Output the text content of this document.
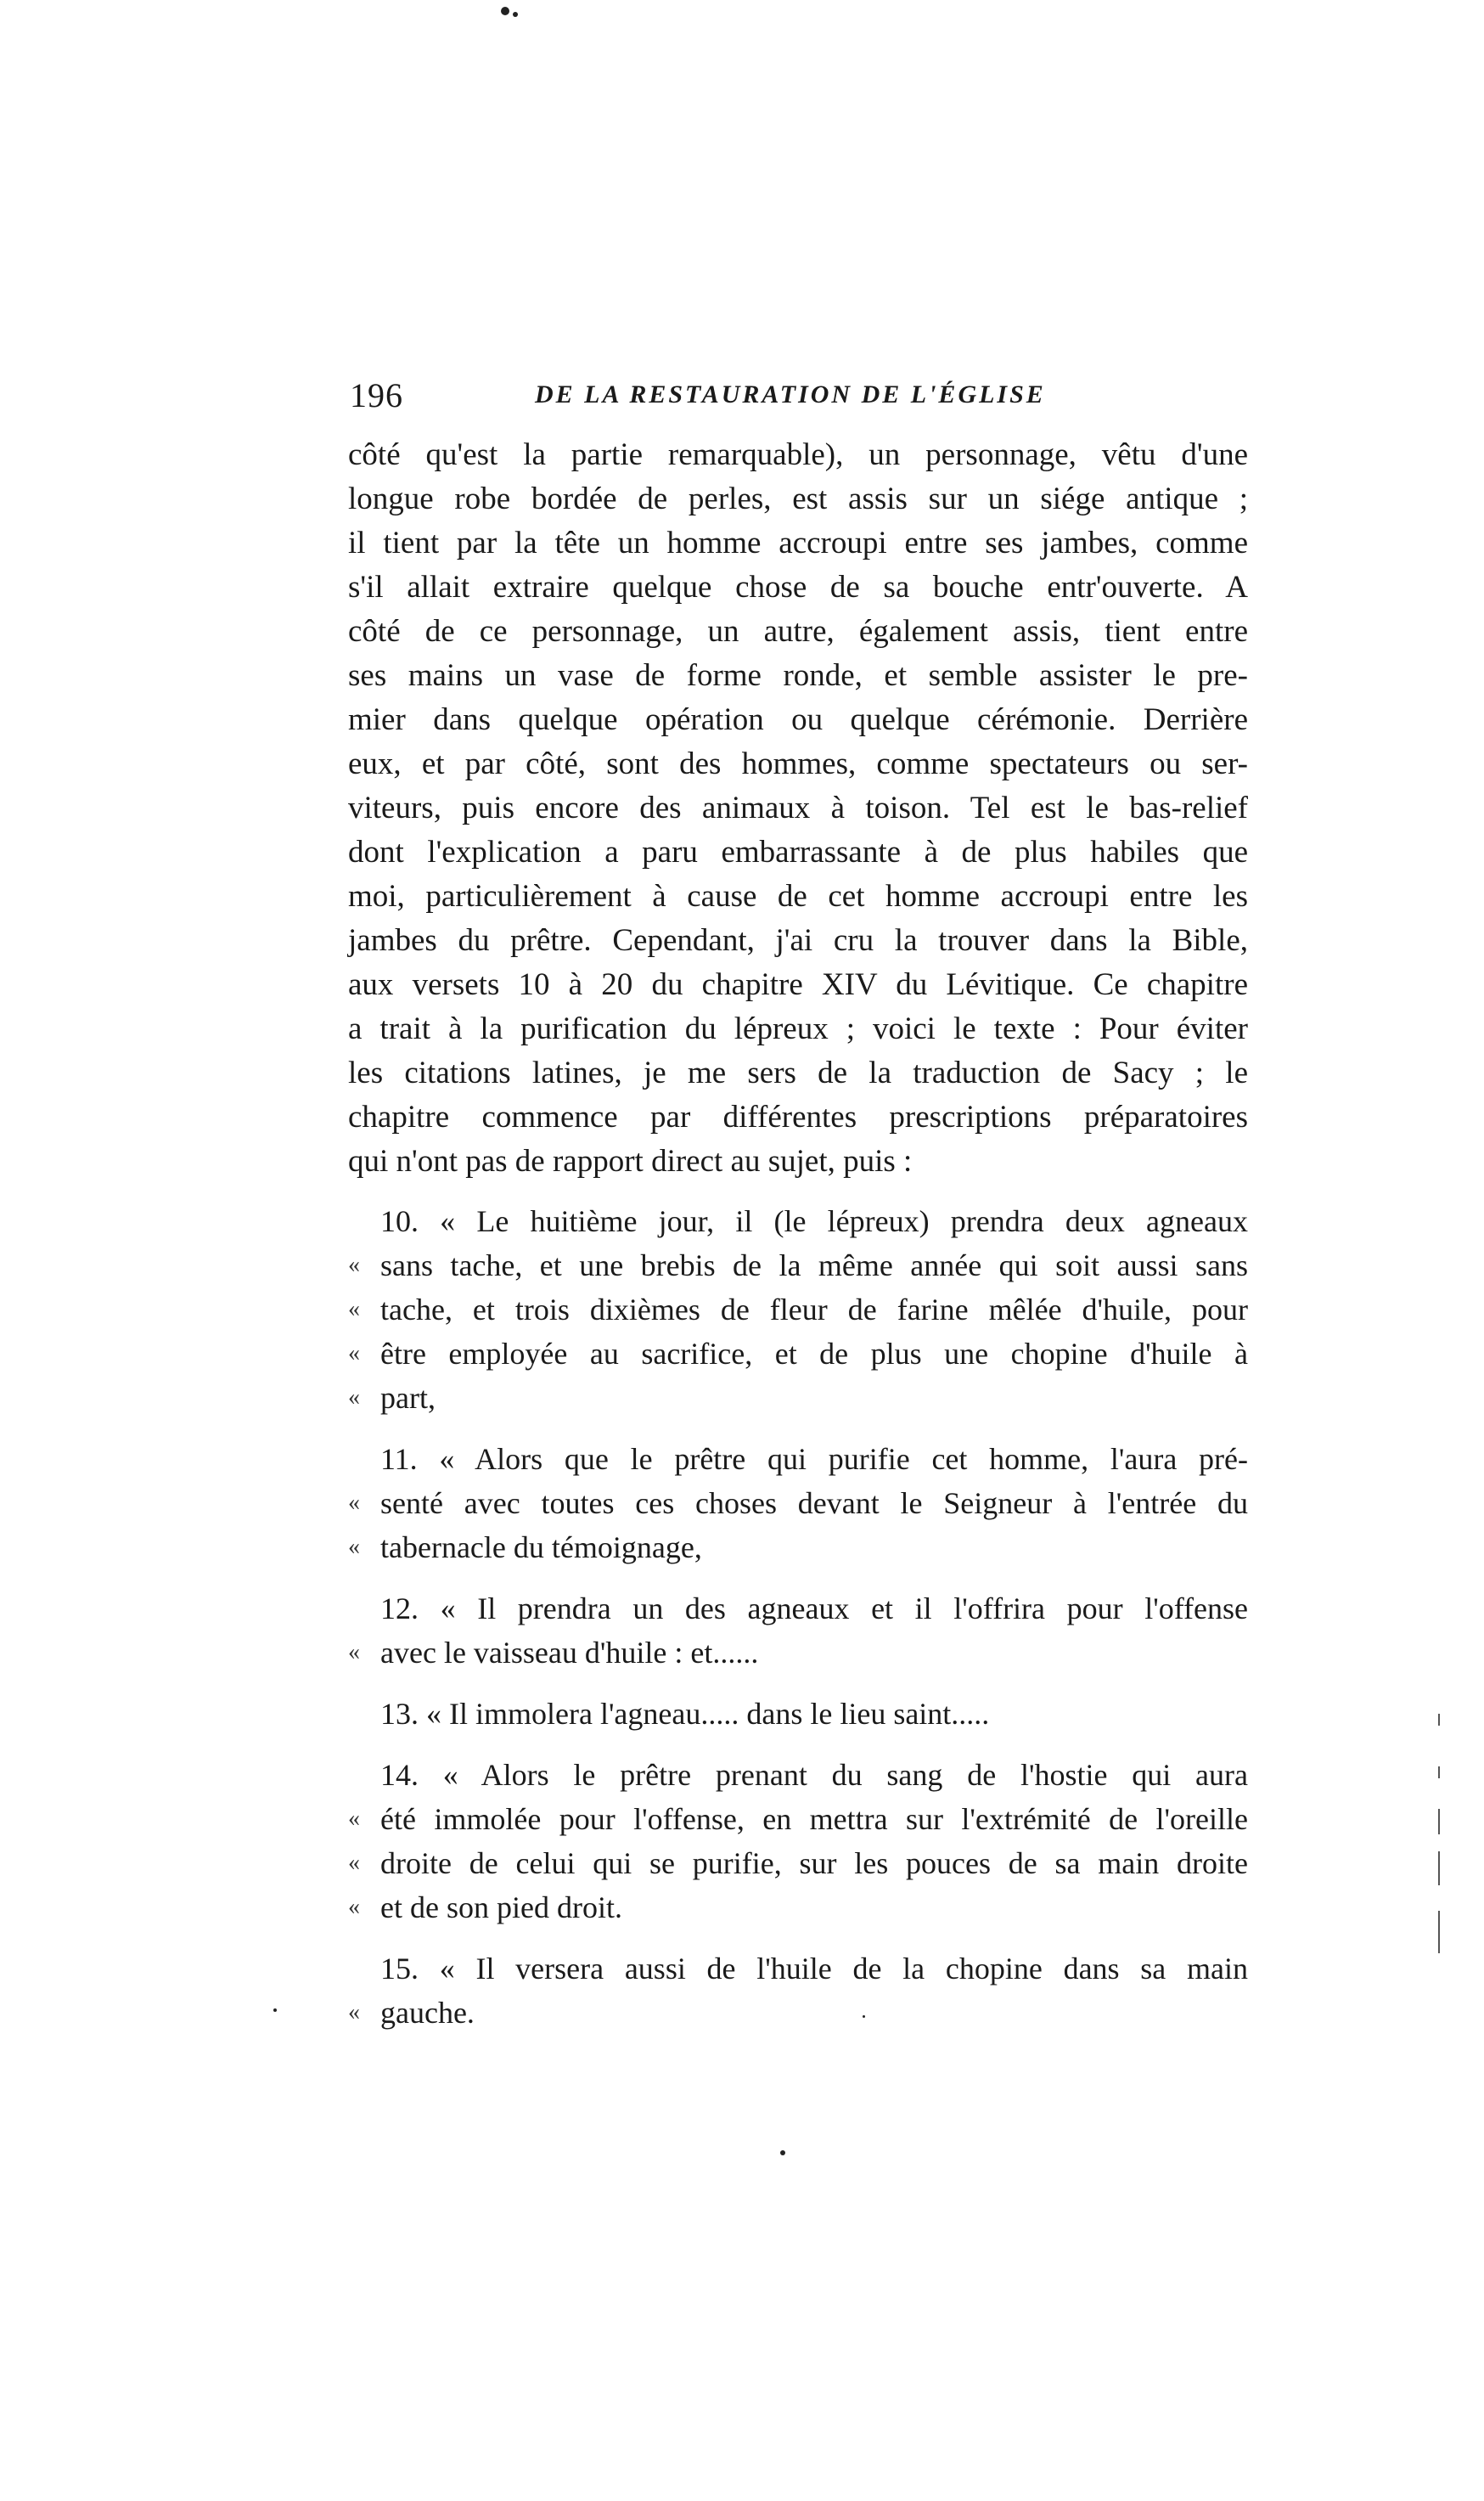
196	DE LA RESTAURATION DE L'ÉGLISE
côté qu'est la partie remarquable), un personnage, vêtu d'une
longue robe bordée de perles, est assis sur un siége antique ;
il tient par la tête un homme accroupi entre ses jambes, comme
s'il allait extraire quelque chose de sa bouche entr'ouverte. A
côté de ce personnage, un autre, également assis, tient entre
ses mains un vase de forme ronde, et semble assister le pre-
mier dans quelque opération ou quelque cérémonie. Derrière
eux, et par côté, sont des hommes, comme spectateurs ou ser-
viteurs, puis encore des animaux à toison. Tel est le bas-relief
dont l'explication a paru embarrassante à de plus habiles que
moi, particulièrement à cause de cet homme accroupi entre les
jambes du prêtre. Cependant, j'ai cru la trouver dans la Bible,
aux versets 10 à 20 du chapitre XIV du Lévitique. Ce chapitre
a trait à la purification du lépreux ; voici le texte : Pour éviter
les citations latines, je me sers de la traduction de Sacy ; le
chapitre commence par différentes prescriptions préparatoires
qui n'ont pas de rapport direct au sujet, puis :
10. « Le huitième jour, il (le lépreux) prendra deux agneaux
« sans tache, et une brebis de la même année qui soit aussi sans
« tache, et trois dixièmes de fleur de farine mêlée d'huile, pour
« être employée au sacrifice, et de plus une chopine d'huile à
« part,
11. « Alors que le prêtre qui purifie cet homme, l'aura pré-
« senté avec toutes ces choses devant le Seigneur à l'entrée du
« tabernacle du témoignage,
12. « Il prendra un des agneaux et il l'offrira pour l'offense
« avec le vaisseau d'huile : et......
13. « Il immolera l'agneau..... dans le lieu saint.....
14. « Alors le prêtre prenant du sang de l'hostie qui aura
« été immolée pour l'offense, en mettra sur l'extrémité de l'oreille
« droite de celui qui se purifie, sur les pouces de sa main droite
« et de son pied droit.
15. « Il versera aussi de l'huile de la chopine dans sa main
« gauche.
